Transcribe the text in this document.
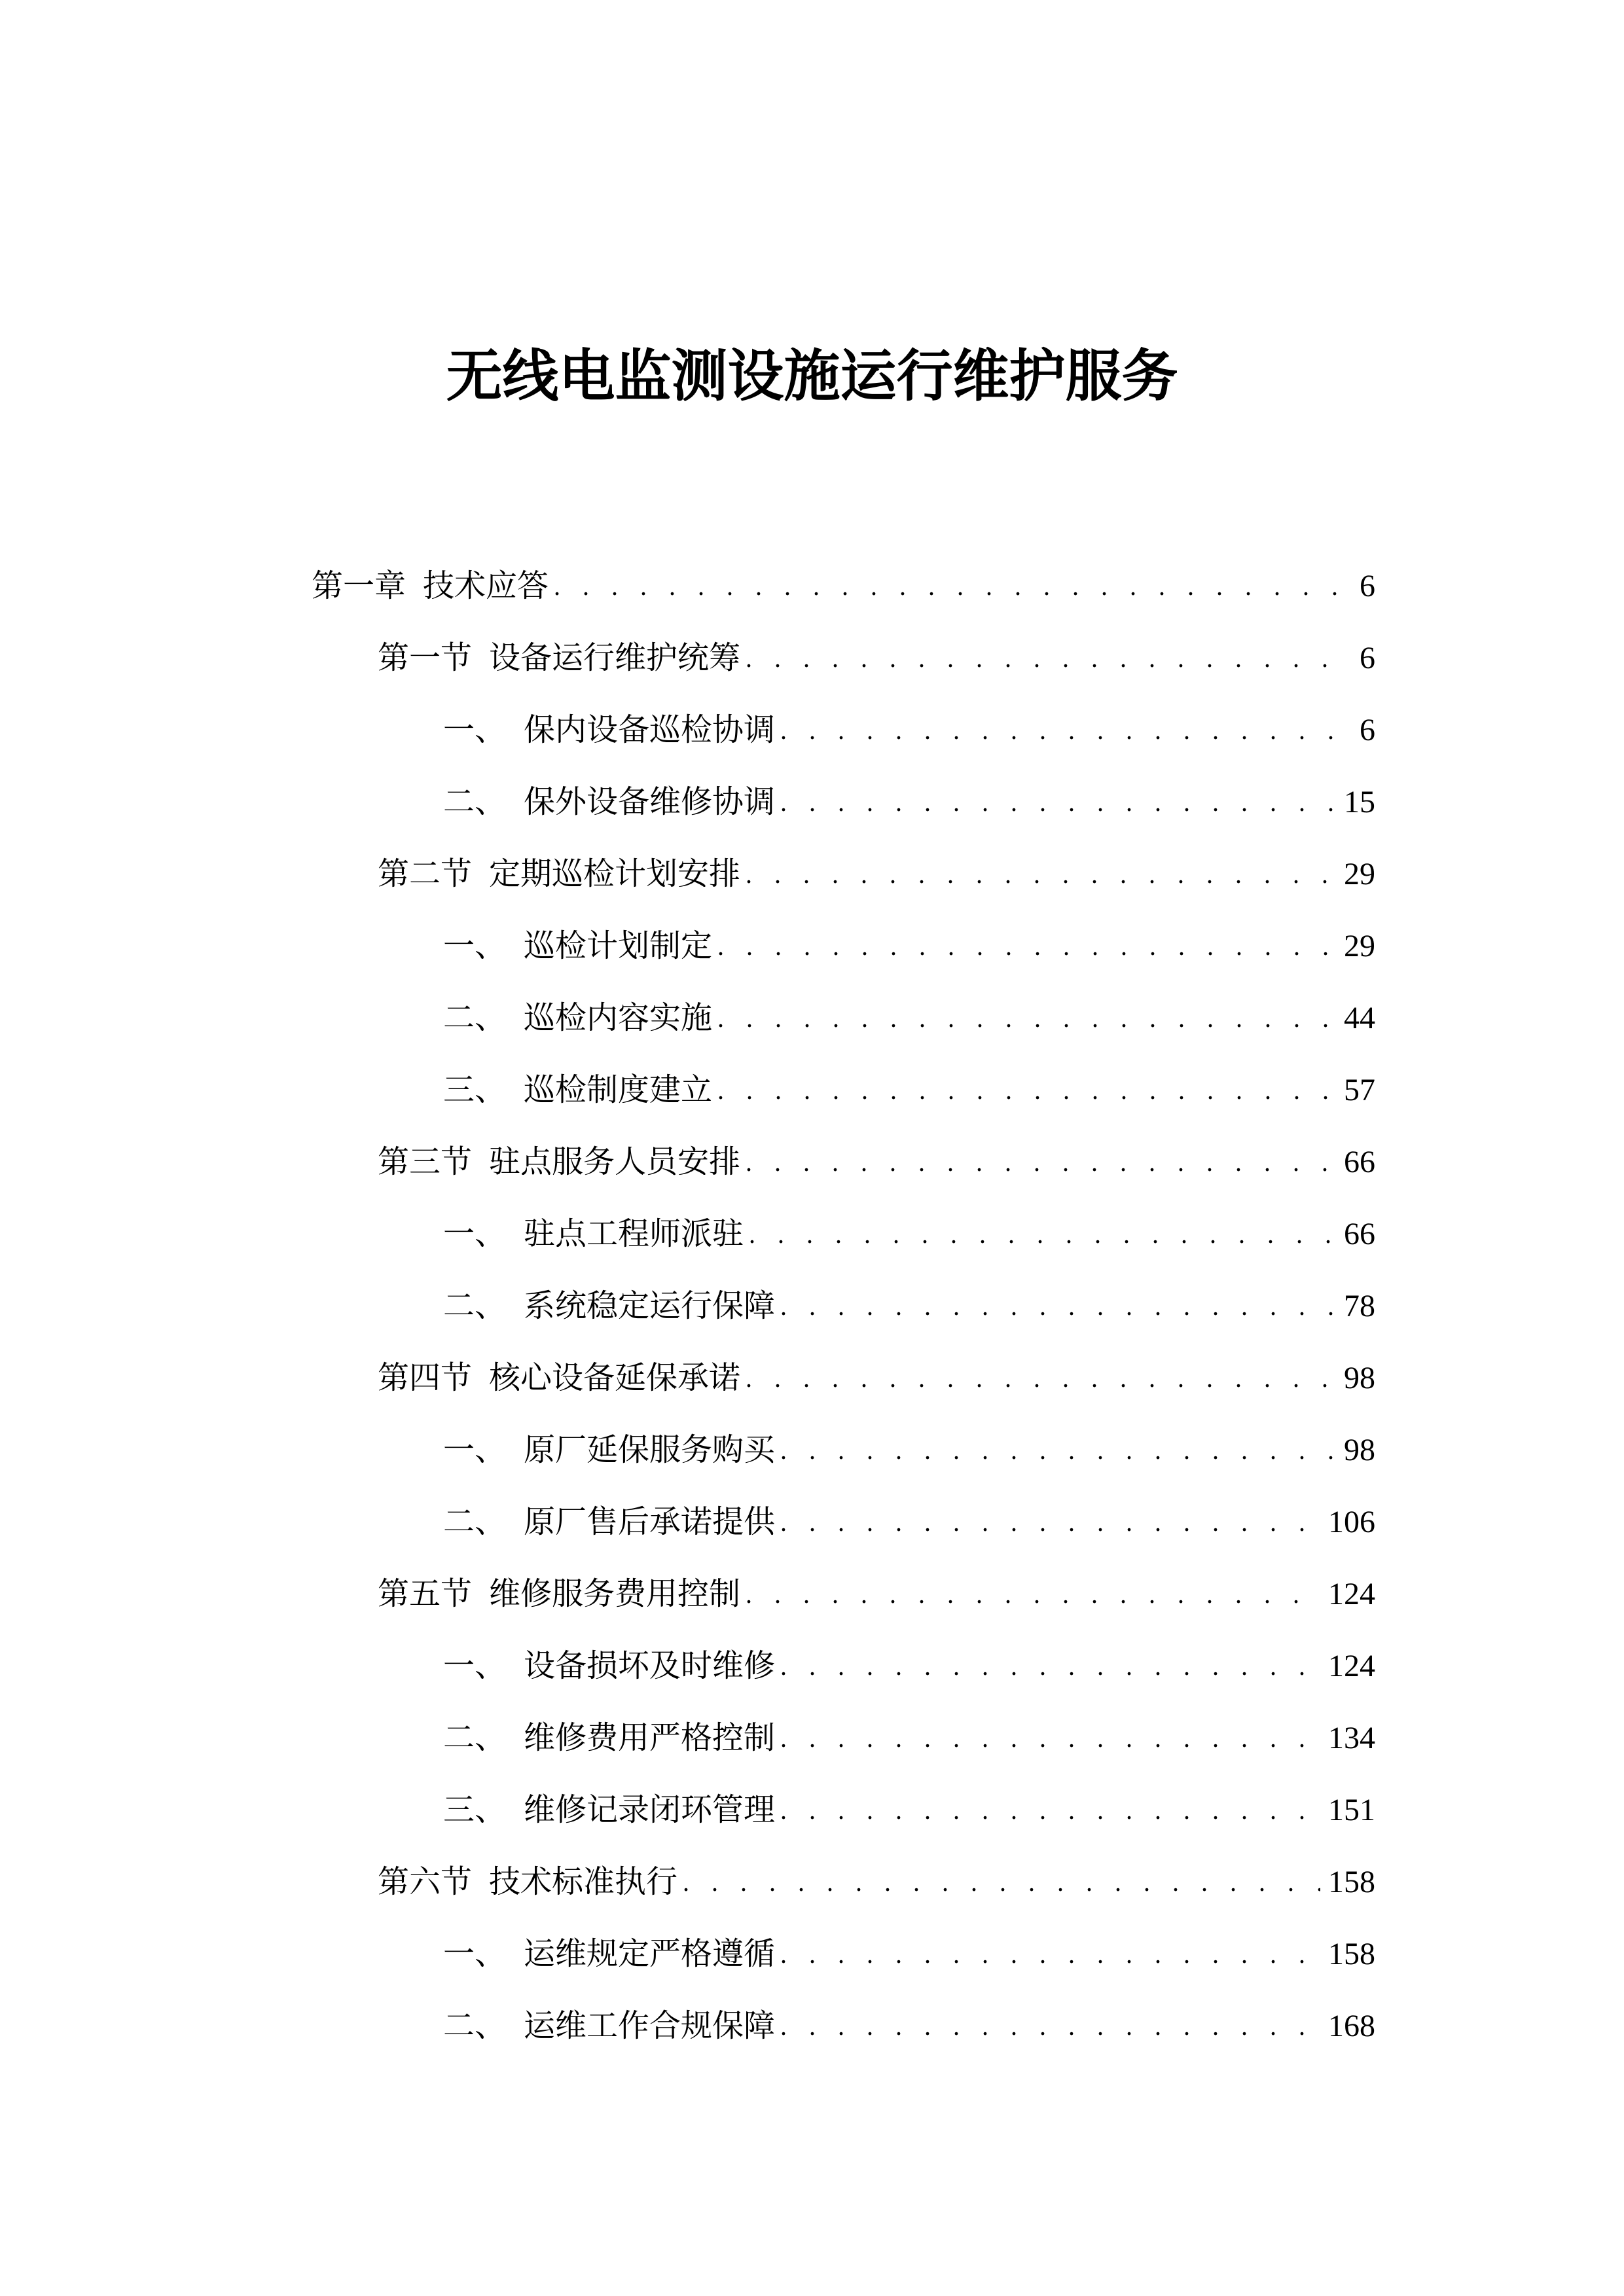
无线电监测设施运行维护服务
第一章 技术应答 . . .	6
第一节 设备运行维护统筹 . . .	6
一、 保内设备巡检协调 . . .	6
二、 保外设备维修协调 . . .	15
第二节 定期巡检计划安排 . . .	29
一、 巡检计划制定 . . .	29
二、 巡检内容实施 . . .	44
三、 巡检制度建立 . . .	57
第三节 驻点服务人员安排 . . .	66
一、 驻点工程师派驻 . . .	66
二、 系统稳定运行保障 . . .	78
第四节 核心设备延保承诺 . . .	98
一、 原厂延保服务购买 . . .	98
二、 原厂售后承诺提供 . . .	106
第五节 维修服务费用控制 . . .	124
一、 设备损坏及时维修 . . .	124
二、 维修费用严格控制 . . .	134
三、 维修记录闭环管理 . . .	151
第六节 技术标准执行 . . .	158
一、 运维规定严格遵循 . . .	158
二、 运维工作合规保障 . . .	168
